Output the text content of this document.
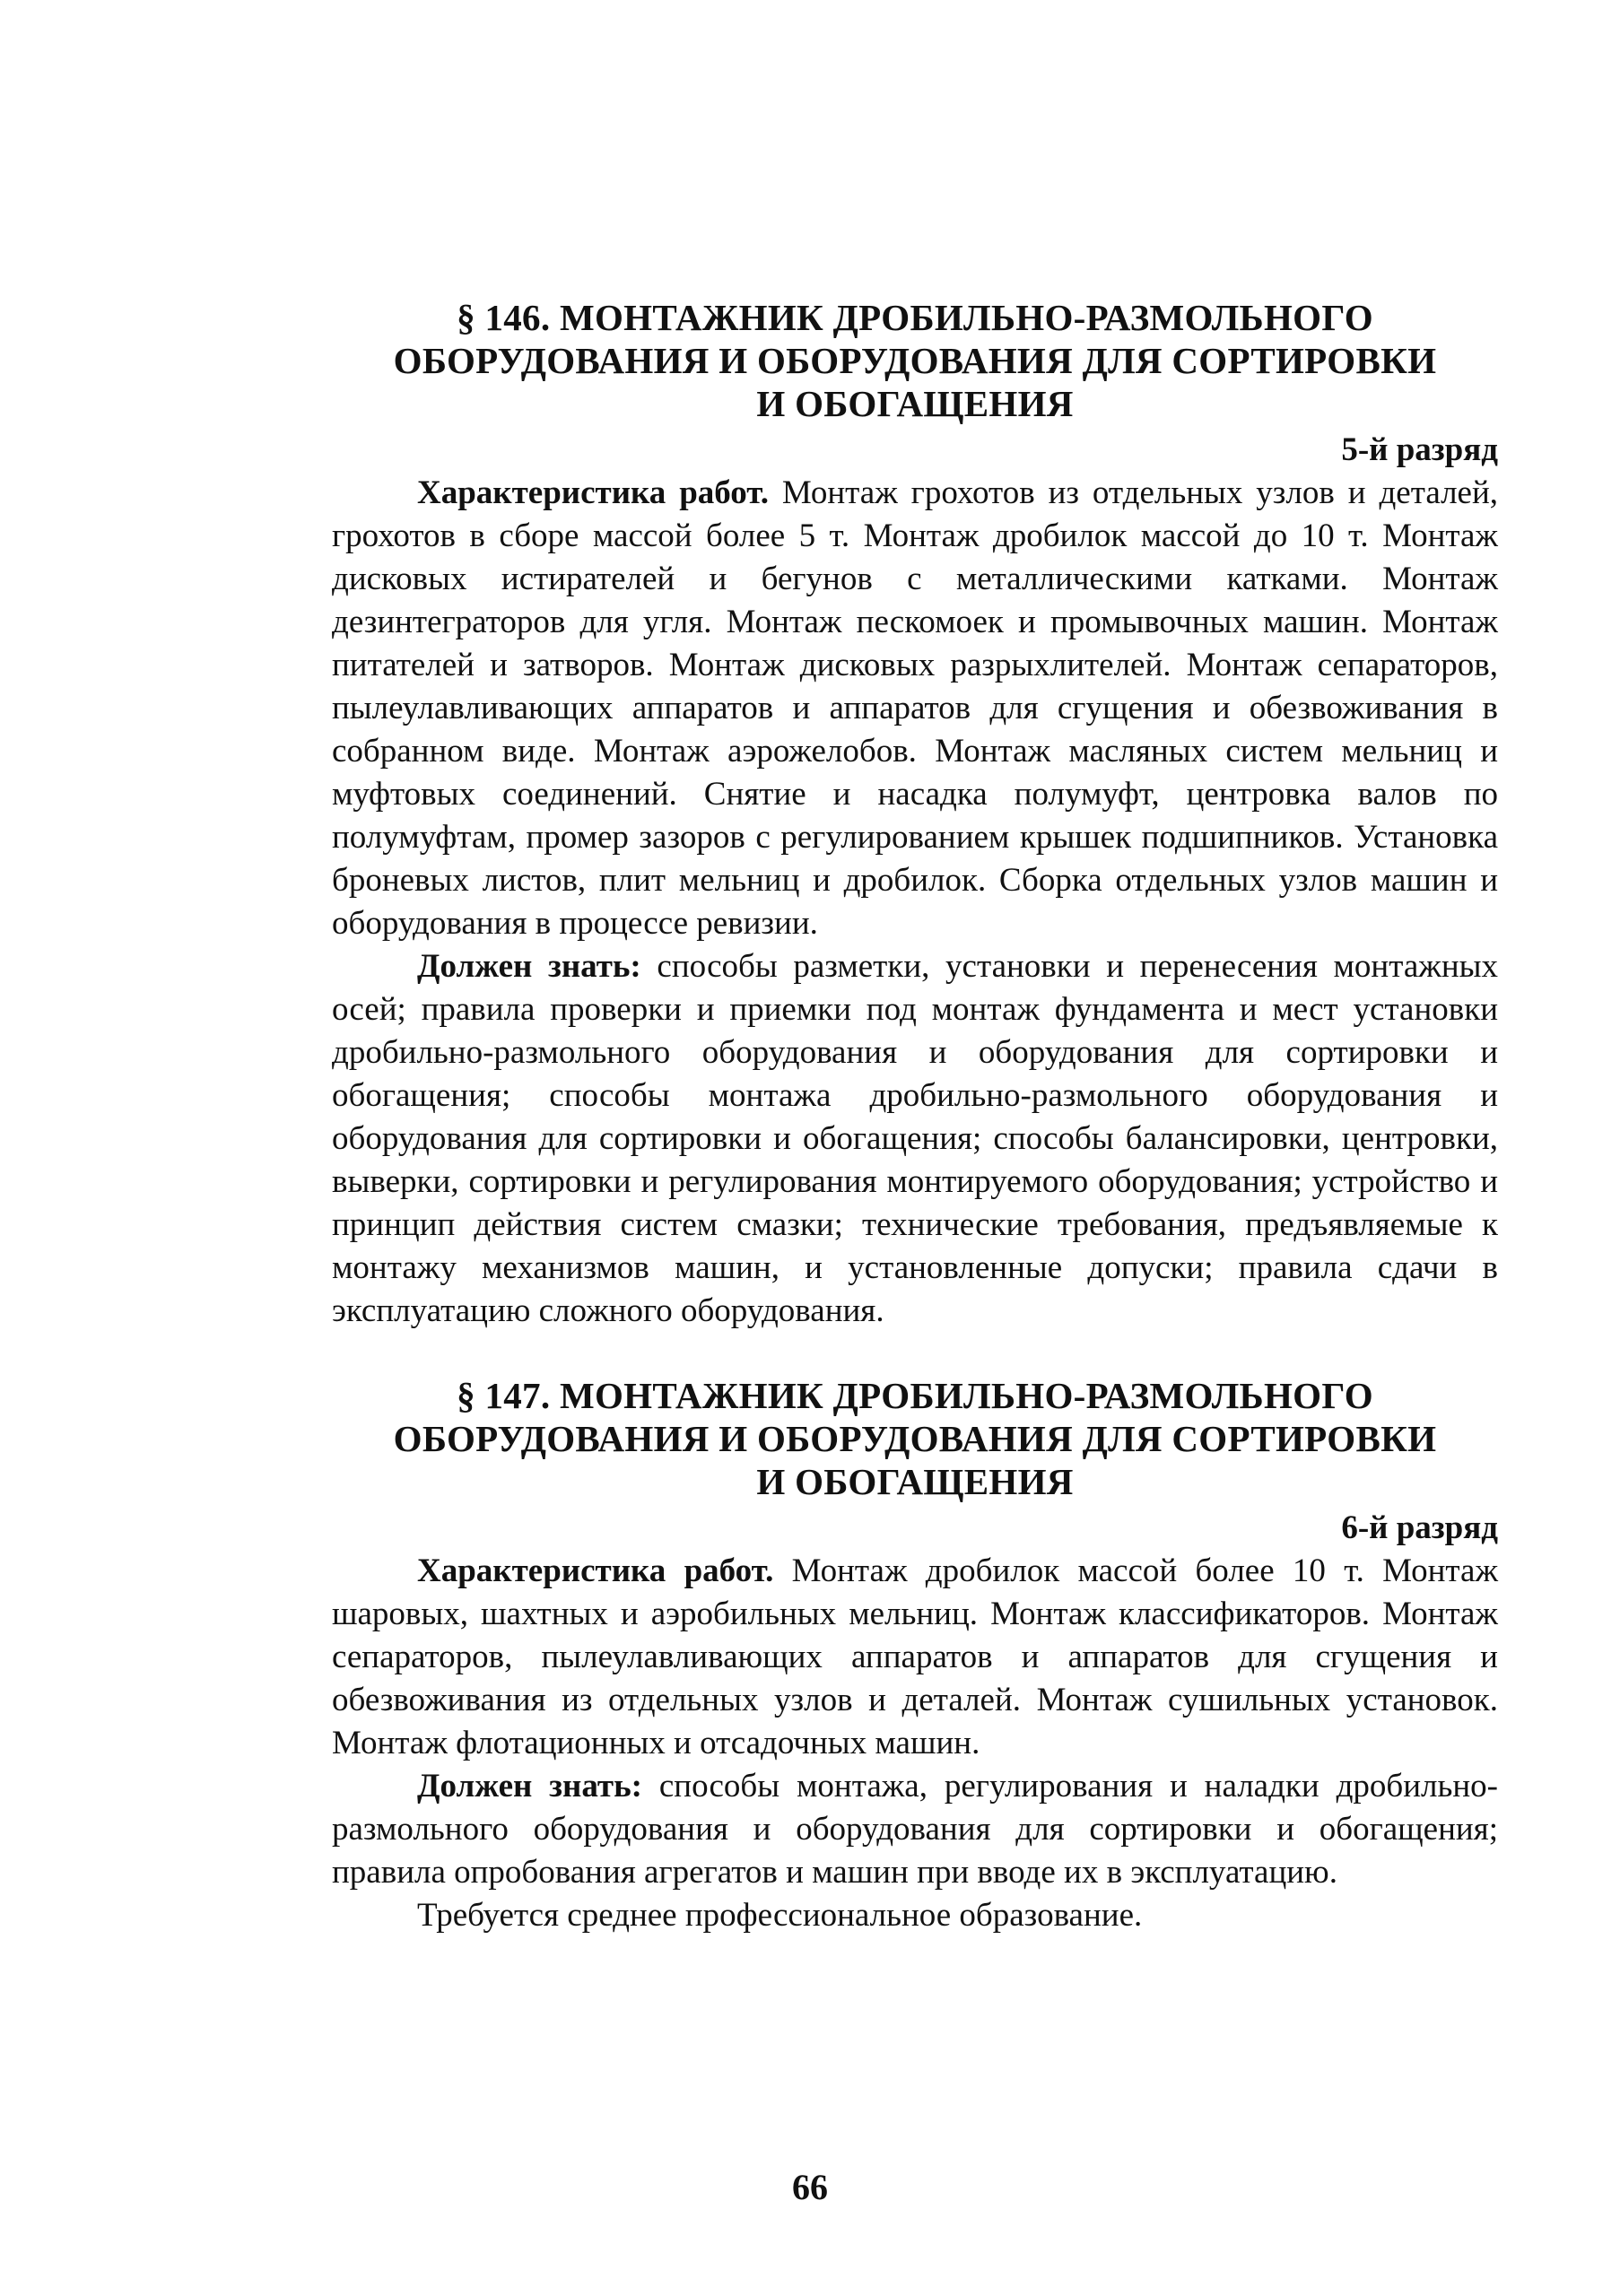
§ 146. МОНТАЖНИК ДРОБИЛЬНО-РАЗМОЛЬНОГО
ОБОРУДОВАНИЯ И ОБОРУДОВАНИЯ ДЛЯ СОРТИРОВКИ
И ОБОГАЩЕНИЯ
5-й разряд

Характеристика работ. Монтаж грохотов из отдельных узлов и деталей, грохотов в сборе массой более 5 т. Монтаж дробилок массой до 10 т. Монтаж дисковых истирателей и бегунов с металлическими катками. Монтаж дезинтеграторов для угля. Монтаж пескомоек и промывочных машин. Монтаж питателей и затворов. Монтаж дисковых разрыхлителей. Монтаж сепараторов, пылеулавливающих аппаратов и аппаратов для сгущения и обезвоживания в собранном виде. Монтаж аэрожелобов. Монтаж масляных систем мельниц и муфтовых соединений. Снятие и насадка полумуфт, центровка валов по полумуфтам, промер зазоров с регулированием крышек подшипников. Установка броневых листов, плит мельниц и дробилок. Сборка отдельных узлов машин и оборудования в процессе ревизии.

Должен знать: способы разметки, установки и перенесения монтажных осей; правила проверки и приемки под монтаж фундамента и мест установки дробильно-размольного оборудования и оборудования для сортировки и обогащения; способы монтажа дробильно-размольного оборудования и оборудования для сортировки и обогащения; способы балансировки, центровки, выверки, сортировки и регулирования монтируемого оборудования; устройство и принцип действия систем смазки; технические требования, предъявляемые к монтажу механизмов машин, и установленные допуски; правила сдачи в эксплуатацию сложного оборудования.

§ 147. МОНТАЖНИК ДРОБИЛЬНО-РАЗМОЛЬНОГО
ОБОРУДОВАНИЯ И ОБОРУДОВАНИЯ ДЛЯ СОРТИРОВКИ
И ОБОГАЩЕНИЯ
6-й разряд

Характеристика работ. Монтаж дробилок массой более 10 т. Монтаж шаровых, шахтных и аэробильных мельниц. Монтаж классификаторов. Монтаж сепараторов, пылеулавливающих аппаратов и аппаратов для сгущения и обезвоживания из отдельных узлов и деталей. Монтаж сушильных установок. Монтаж флотационных и отсадочных машин.

Должен знать: способы монтажа, регулирования и наладки дробильно-размольного оборудования и оборудования для сортировки и обогащения; правила опробования агрегатов и машин при вводе их в эксплуатацию.

Требуется среднее профессиональное образование.

66
